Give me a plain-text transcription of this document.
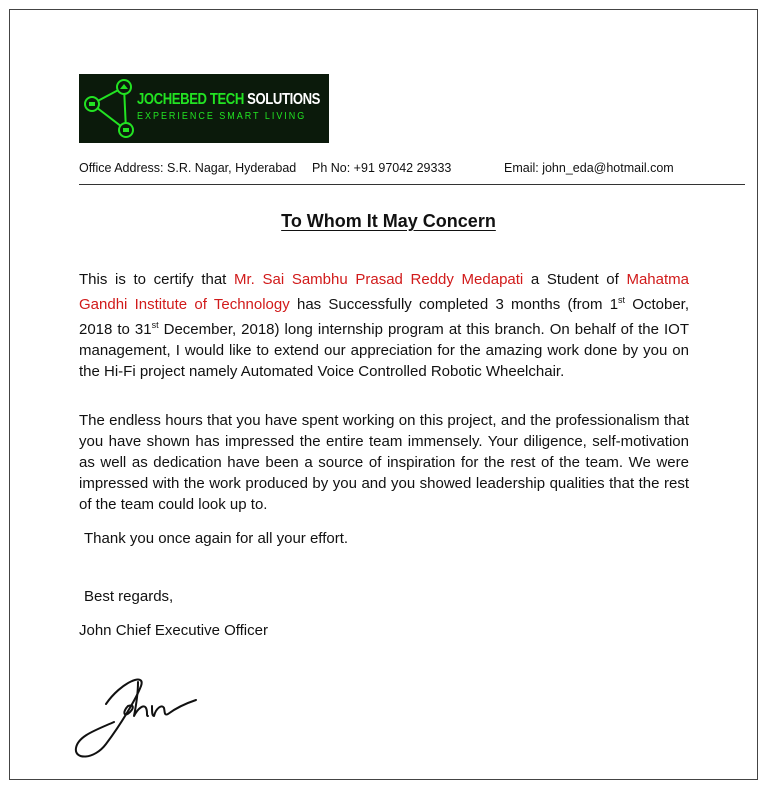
JOCHEBED TECH SOLUTIONS
EXPERIENCE SMART LIVING
Office Address: S.R. Nagar, Hyderabad Ph No: +91 97042 29333	Email: john_eda@hotmail.com
To Whom It May Concern

This is to certify that Mr. Sai Sambhu Prasad Reddy Medapati a Student of Mahatma Gandhi Institute of Technology has Successfully completed 3 months (from 1st October, 2018 to 31st December, 2018) long internship program at this branch. On behalf of the IOT management, I would like to extend our appreciation for the amazing work done by you on the Hi-Fi project namely Automated Voice Controlled Robotic Wheelchair.

The endless hours that you have spent working on this project, and the professionalism that you have shown has impressed the entire team immensely. Your diligence, self-motivation as well as dedication have been a source of inspiration for the rest of the team. We were impressed with the work produced by you and you showed leadership qualities that the rest of the team could look up to.

Thank you once again for all your effort.

Best regards,

John Chief Executive Officer
